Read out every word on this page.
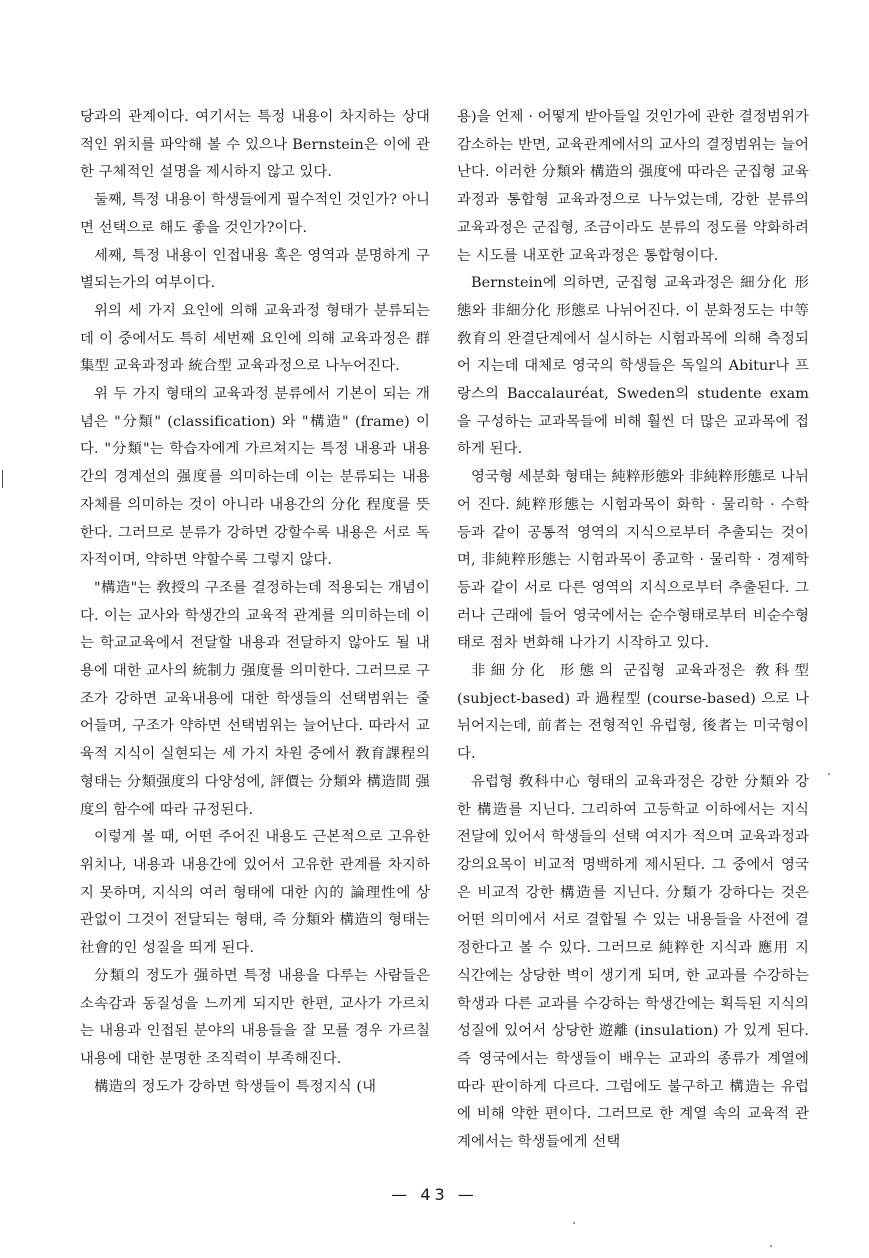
당과의 관계이다. 여기서는 특정 내용이 차지하는 상대적인 위치를 파악해 볼 수 있으나 Bernstein은 이에 관한 구체적인 설명을 제시하지 않고 있다.

둘째, 특정 내용이 학생들에게 필수적인 것인가? 아니면 선택으로 해도 좋을 것인가?이다.

세째, 특정 내용이 인접내용 혹은 영역과 분명하게 구별되는가의 여부이다.

위의 세 가지 요인에 의해 교육과정 형태가 분류되는데 이 중에서도 특히 세번째 요인에 의해 교육과정은 群集型 교육과정과 統合型 교육과정으로 나누어진다.

위 두 가지 형태의 교육과정 분류에서 기본이 되는 개념은 "分類" (classification) 와 "構造" (frame) 이다. "分類"는 학습자에게 가르쳐지는 특정 내용과 내용간의 경계선의 强度를 의미하는데 이는 분류되는 내용자체를 의미하는 것이 아니라 내용간의 分化 程度를 뜻한다. 그러므로 분류가 강하면 강할수록 내용은 서로 독자적이며, 약하면 약할수록 그렇지 않다.

"構造"는 敎授의 구조를 결정하는데 적용되는 개념이다. 이는 교사와 학생간의 교육적 관계를 의미하는데 이는 학교교육에서 전달할 내용과 전달하지 않아도 될 내용에 대한 교사의 統制力 强度를 의미한다. 그러므로 구조가 강하면 교육내용에 대한 학생들의 선택범위는 줄어들며, 구조가 약하면 선택범위는 늘어난다. 따라서 교육적 지식이 실현되는 세 가지 차원 중에서 敎育課程의 형태는 分類强度의 다양성에, 評價는 分類와 構造間 强度의 함수에 따라 규정된다.

이렇게 볼 때, 어떤 주어진 내용도 근본적으로 고유한 위치나, 내용과 내용간에 있어서 고유한 관계를 차지하지 못하며, 지식의 여러 형태에 대한 內的 論理性에 상관없이 그것이 전달되는 형태, 즉 分類와 構造의 형태는 社會的인 성질을 띄게 된다.

分類의 정도가 强하면 특정 내용을 다루는 사람들은 소속감과 동질성을 느끼게 되지만 한편, 교사가 가르치는 내용과 인접된 분야의 내용들을 잘 모를 경우 가르칠 내용에 대한 분명한 조직력이 부족해진다.

構造의 정도가 강하면 학생들이 특정지식 (내

용)을 언제 · 어떻게 받아들일 것인가에 관한 결정범위가 감소하는 반면, 교육관계에서의 교사의 결정범위는 늘어난다. 이러한 分類와 構造의 强度에 따라은 군집형 교육과정과 통합형 교육과정으로 나누었는데, 강한 분류의 교육과정은 군집형, 조금이라도 분류의 정도를 약화하려는 시도를 내포한 교육과정은 통합형이다.

Bernstein에 의하면, 군집형 교육과정은 細分化 形態와 非細分化 形態로 나뉘어진다. 이 분화정도는 中等敎育의 완결단계에서 실시하는 시험과목에 의해 측정되어 지는데 대체로 영국의 학생들은 독일의 Abitur나 프랑스의 Baccalauréat, Sweden의 studente exam을 구성하는 교과목들에 비해 훨씬 더 많은 교과목에 접하게 된다.

영국형 세분화 형태는 純粹形態와 非純粹形態로 나뉘어 진다. 純粹形態는 시험과목이 화학 · 물리학 · 수학 등과 같이 공통적 영역의 지식으로부터 추출되는 것이며, 非純粹形態는 시험과목이 종교학 · 물리학 · 경제학 등과 같이 서로 다른 영역의 지식으로부터 추출된다. 그러나 근래에 들어 영국에서는 순수형태로부터 비순수형태로 점차 변화해 나가기 시작하고 있다.

非細分化 形態의 군집형 교육과정은 敎科型 (subject-based) 과 過程型 (course-based) 으로 나뉘어지는데, 前者는 전형적인 유럽형, 後者는 미국형이다.

유럽형 敎科中心 형태의 교육과정은 강한 分類와 강한 構造를 지닌다. 그리하여 고등학교 이하에서는 지식전달에 있어서 학생들의 선택 여지가 적으며 교육과정과 강의요목이 비교적 명백하게 제시된다. 그 중에서 영국은 비교적 강한 構造를 지닌다. 分類가 강하다는 것은 어떤 의미에서 서로 결합될 수 있는 내용들을 사전에 결정한다고 볼 수 있다. 그러므로 純粹한 지식과 應用 지식간에는 상당한 벽이 생기게 되며, 한 교과를 수강하는 학생과 다른 교과를 수강하는 학생간에는 획득된 지식의 성질에 있어서 상당한 遊離 (insulation) 가 있게 된다. 즉 영국에서는 학생들이 배우는 교과의 종류가 계열에 따라 판이하게 다르다. 그럼에도 불구하고 構造는 유럽에 비해 약한 편이다. 그러므로 한 계열 속의 교육적 관계에서는 학생들에게 선택

— 43 —
